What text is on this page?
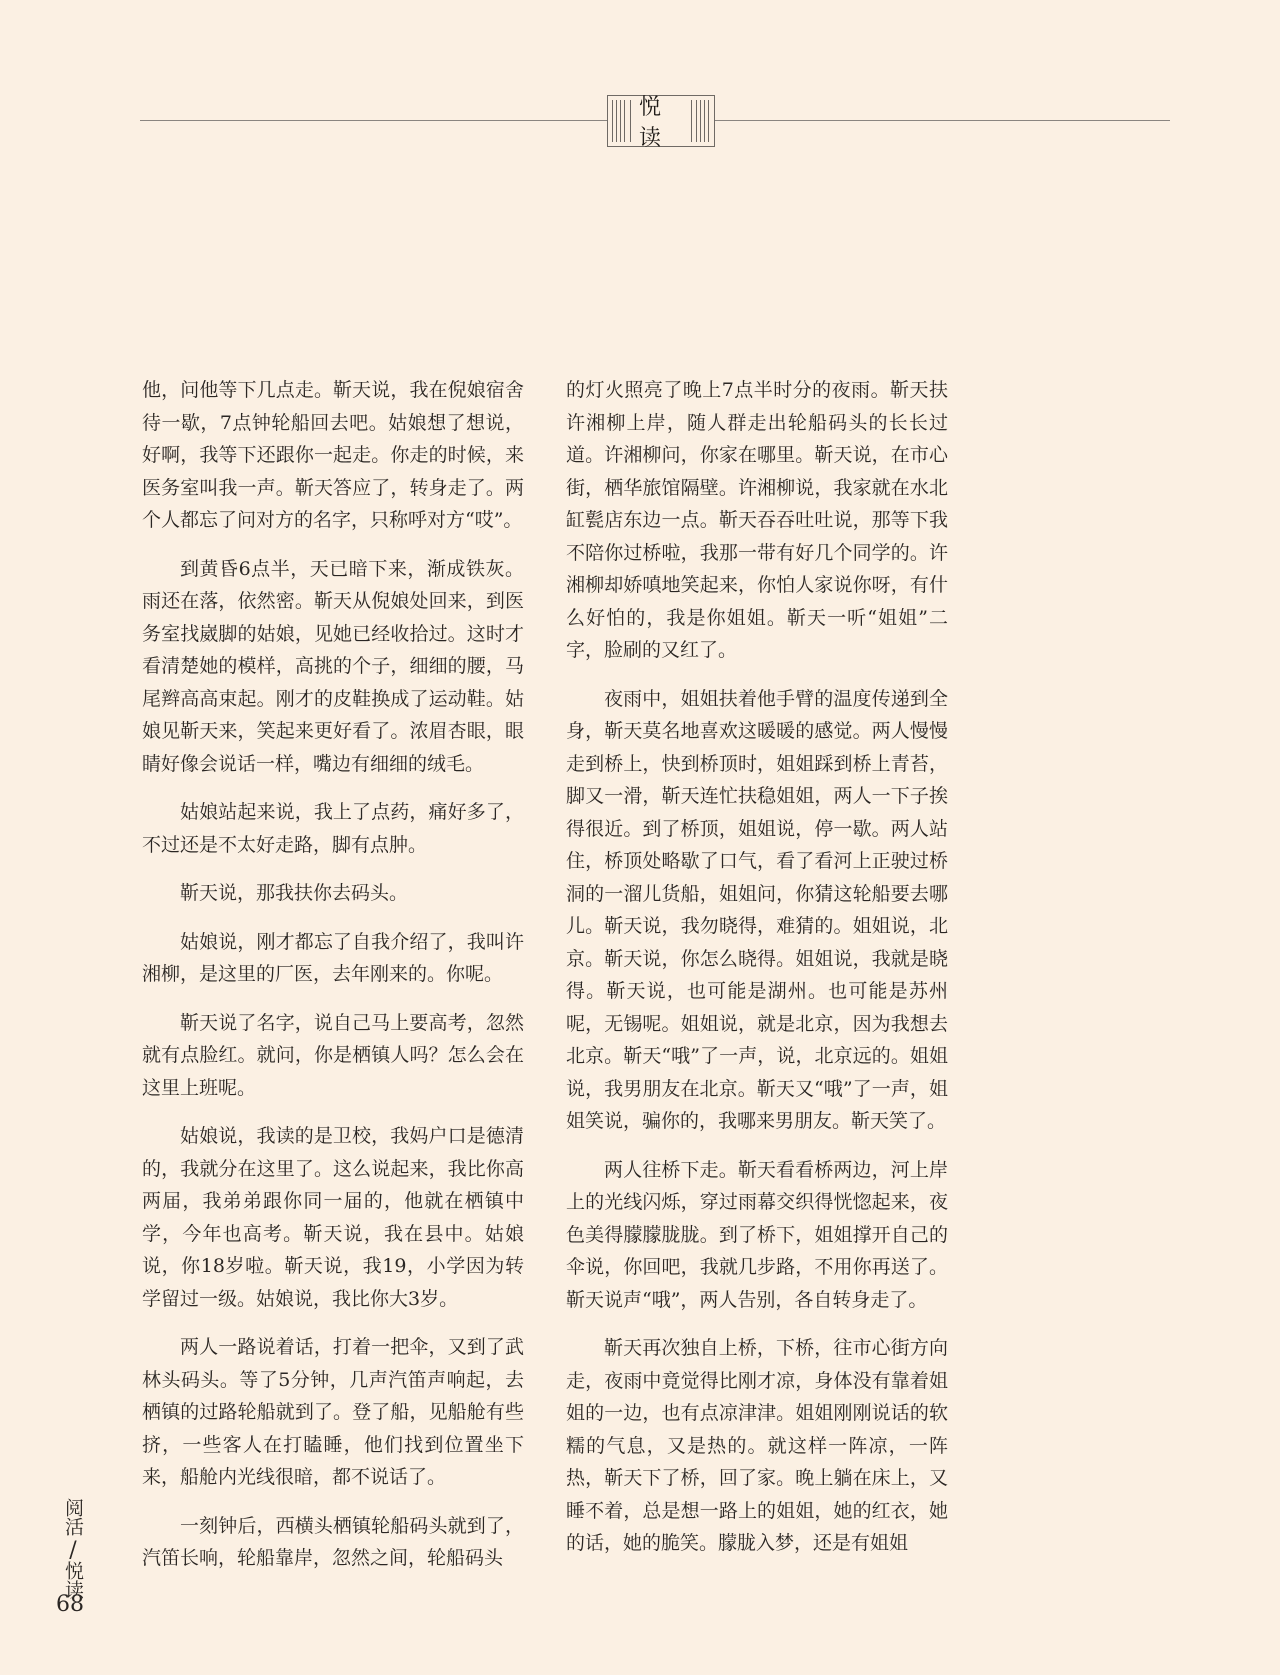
悦读

他，问他等下几点走。靳天说，我在倪娘宿舍待一歇，7点钟轮船回去吧。姑娘想了想说，好啊，我等下还跟你一起走。你走的时候，来医务室叫我一声。靳天答应了，转身走了。两个人都忘了问对方的名字，只称呼对方“哎”。

到黄昏6点半，天已暗下来，渐成铁灰。雨还在落，依然密。靳天从倪娘处回来，到医务室找崴脚的姑娘，见她已经收拾过。这时才看清楚她的模样，高挑的个子，细细的腰，马尾辫高高束起。刚才的皮鞋换成了运动鞋。姑娘见靳天来，笑起来更好看了。浓眉杏眼，眼睛好像会说话一样，嘴边有细细的绒毛。

姑娘站起来说，我上了点药，痛好多了，不过还是不太好走路，脚有点肿。

靳天说，那我扶你去码头。

姑娘说，刚才都忘了自我介绍了，我叫许湘柳，是这里的厂医，去年刚来的。你呢。

靳天说了名字，说自己马上要高考，忽然就有点脸红。就问，你是栖镇人吗？怎么会在这里上班呢。

姑娘说，我读的是卫校，我妈户口是德清的，我就分在这里了。这么说起来，我比你高两届，我弟弟跟你同一届的，他就在栖镇中学，今年也高考。靳天说，我在县中。姑娘说，你18岁啦。靳天说，我19，小学因为转学留过一级。姑娘说，我比你大3岁。

两人一路说着话，打着一把伞，又到了武林头码头。等了5分钟，几声汽笛声响起，去栖镇的过路轮船就到了。登了船，见船舱有些挤，一些客人在打瞌睡，他们找到位置坐下来，船舱内光线很暗，都不说话了。

一刻钟后，西横头栖镇轮船码头就到了，汽笛长响，轮船靠岸，忽然之间，轮船码头

的灯火照亮了晚上7点半时分的夜雨。靳天扶许湘柳上岸，随人群走出轮船码头的长长过道。许湘柳问，你家在哪里。靳天说，在市心街，栖华旅馆隔壁。许湘柳说，我家就在水北缸甏店东边一点。靳天吞吞吐吐说，那等下我不陪你过桥啦，我那一带有好几个同学的。许湘柳却娇嗔地笑起来，你怕人家说你呀，有什么好怕的，我是你姐姐。靳天一听“姐姐”二字，脸刷的又红了。

夜雨中，姐姐扶着他手臂的温度传递到全身，靳天莫名地喜欢这暖暖的感觉。两人慢慢走到桥上，快到桥顶时，姐姐踩到桥上青苔，脚又一滑，靳天连忙扶稳姐姐，两人一下子挨得很近。到了桥顶，姐姐说，停一歇。两人站住，桥顶处略歇了口气，看了看河上正驶过桥洞的一溜儿货船，姐姐问，你猜这轮船要去哪儿。靳天说，我勿晓得，难猜的。姐姐说，北京。靳天说，你怎么晓得。姐姐说，我就是晓得。靳天说，也可能是湖州。也可能是苏州呢，无锡呢。姐姐说，就是北京，因为我想去北京。靳天“哦”了一声，说，北京远的。姐姐说，我男朋友在北京。靳天又“哦”了一声，姐姐笑说，骗你的，我哪来男朋友。靳天笑了。

两人往桥下走。靳天看看桥两边，河上岸上的光线闪烁，穿过雨幕交织得恍惚起来，夜色美得朦朦胧胧。到了桥下，姐姐撑开自己的伞说，你回吧，我就几步路，不用你再送了。靳天说声“哦”，两人告别，各自转身走了。

靳天再次独自上桥，下桥，往市心街方向走，夜雨中竟觉得比刚才凉，身体没有靠着姐姐的一边，也有点凉津津。姐姐刚刚说话的软糯的气息，又是热的。就这样一阵凉，一阵热，靳天下了桥，回了家。晚上躺在床上，又睡不着，总是想一路上的姐姐，她的红衣，她的话，她的脆笑。朦胧入梦，还是有姐姐

阅活
/
悦读
68
